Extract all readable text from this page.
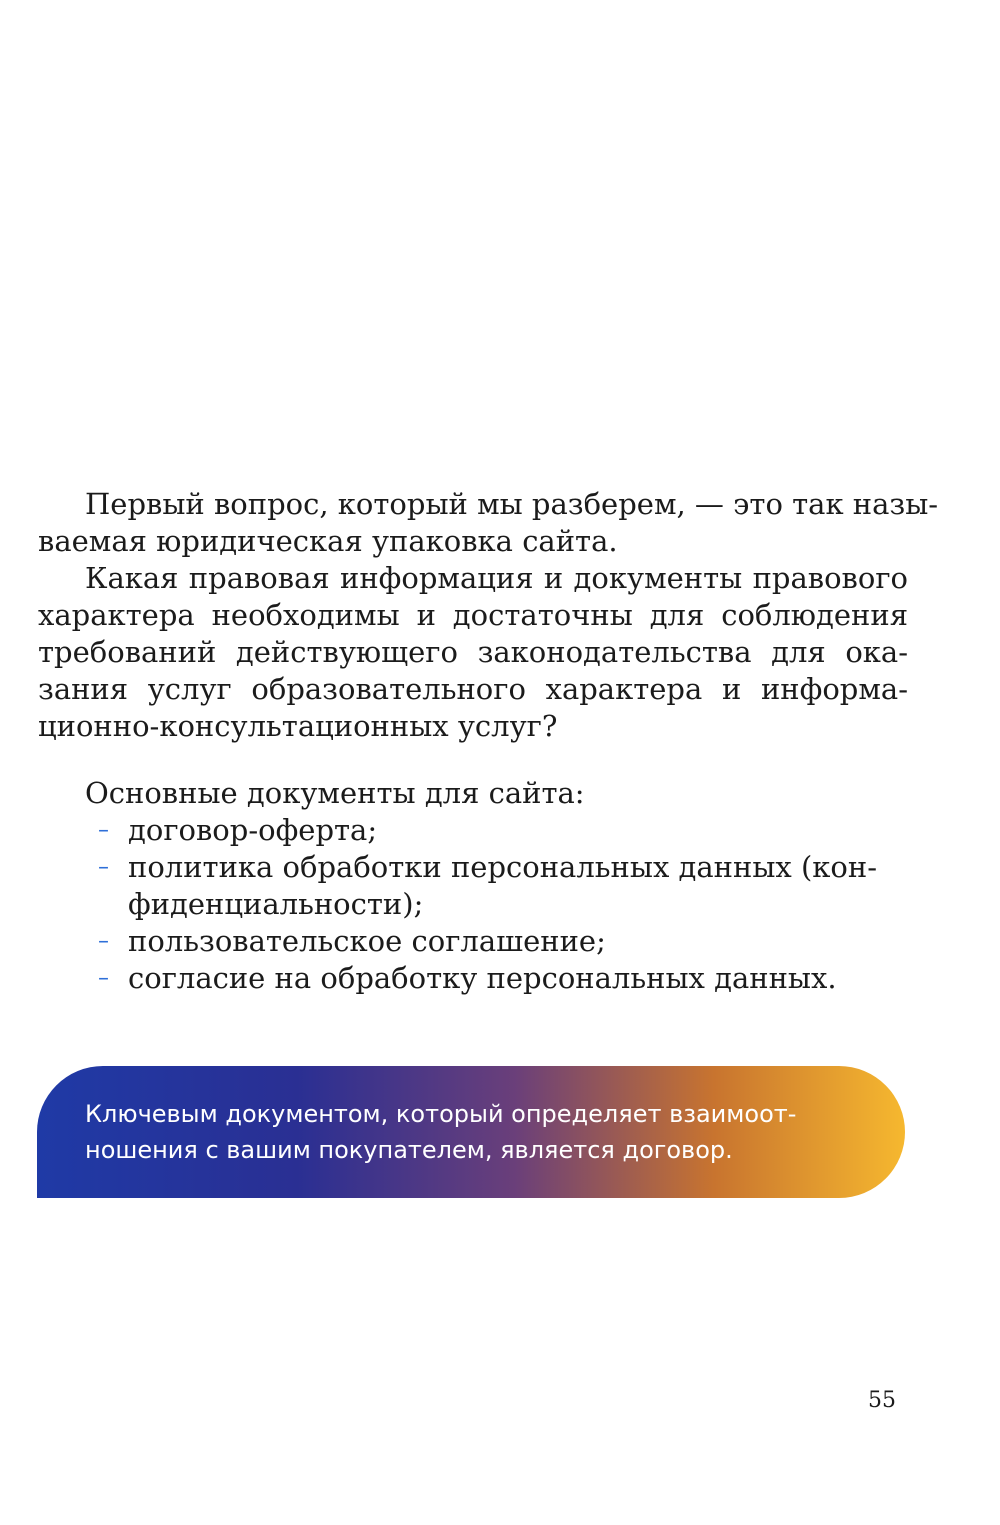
Первый вопрос, который мы разберем, — это так назы-
ваемая юридическая упаковка сайта.
Какая правовая информация и документы правового
характера необходимы и достаточны для соблюдения
требований действующего законодательства для ока-
зания услуг образовательного характера и информа-
ционно-консультационных услуг?
Основные документы для сайта:
– договор-оферта;
– политика обработки персональных данных (кон-
фиденциальности);
– пользовательское соглашение;
– согласие на обработку персональных данных.
Ключевым документом, который определяет взаимоот-
ношения с вашим покупателем, является договор.
55
